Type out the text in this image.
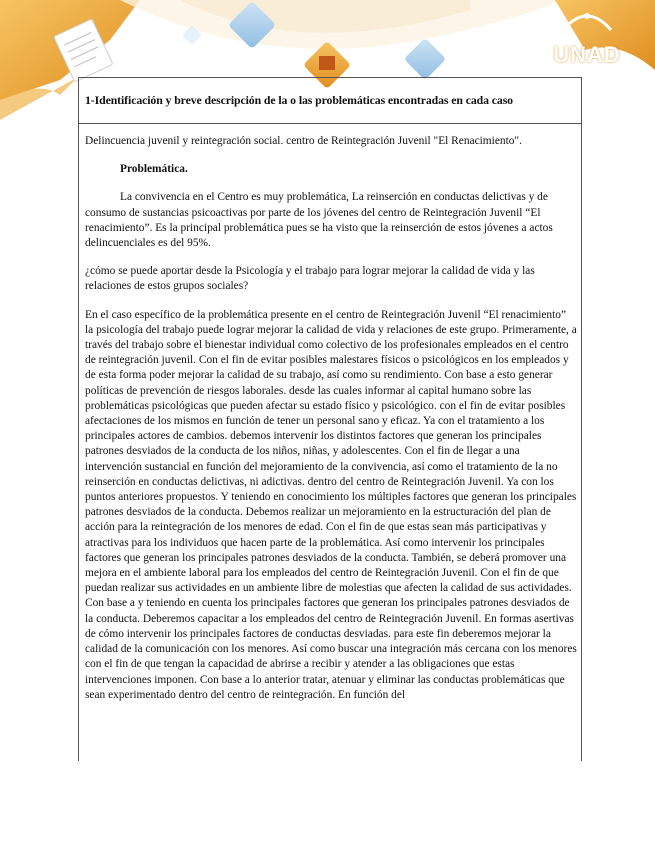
UNAD
Universidad Nacional
Abierta y a Distancia
1-Identificación y breve descripción de la o las problemáticas encontradas en cada caso

Delincuencia juvenil y reintegración social. centro de Reintegración Juvenil "El Renacimiento".

Problemática.

La convivencia en el Centro es muy problemática, La reinserción en conductas delictivas y de consumo de sustancias psicoactivas por parte de los jóvenes del centro de Reintegración Juvenil “El renacimiento”. Es la principal problemática pues se ha visto que la reinserción de estos jóvenes a actos delincuenciales es del 95%.

¿cómo se puede aportar desde la Psicología y el trabajo para lograr mejorar la calidad de vida y las relaciones de estos grupos sociales?

En el caso específico de la problemática presente en el centro de Reintegración Juvenil “El renacimiento” la psicología del trabajo puede lograr mejorar la calidad de vida y relaciones de este grupo. Primeramente, a través del trabajo sobre el bienestar individual como colectivo de los profesionales empleados en el centro de reintegración juvenil. Con el fin de evitar posibles malestares físicos o psicológicos en los empleados y de esta forma poder mejorar la calidad de su trabajo, así como su rendimiento. Con base a esto generar políticas de prevención de riesgos laborales. desde las cuales informar al capital humano sobre las problemáticas psicológicas que pueden afectar su estado físico y psicológico. con el fin de evitar posibles afectaciones de los mismos en función de tener un personal sano y eficaz. Ya con el tratamiento a los principales actores de cambios. debemos intervenir los distintos factores que generan los principales patrones desviados de la conducta de los niños, niñas, y adolescentes. Con el fin de llegar a una intervención sustancial en función del mejoramiento de la convivencia, así como el tratamiento de la no reinserción en conductas delictivas, ni adictivas. dentro del centro de Reintegración Juvenil. Ya con los puntos anteriores propuestos. Y teniendo en conocimiento los múltiples factores que generan los principales patrones desviados de la conducta. Debemos realizar un mejoramiento en la estructuración del plan de acción para la reintegración de los menores de edad. Con el fin de que estas sean más participativas y atractivas para los individuos que hacen parte de la problemática. Así como intervenir los principales factores que generan los principales patrones desviados de la conducta. También, se deberá promover una mejora en el ambiente laboral para los empleados del centro de Reintegración Juvenil. Con el fin de que puedan realizar sus actividades en un ambiente libre de molestias que afecten la calidad de sus actividades. Con base a y teniendo en cuenta los principales factores que generan los principales patrones desviados de la conducta. Deberemos capacitar a los empleados del centro de Reintegración Juvenil. En formas asertivas de cómo intervenir los principales factores de conductas desviadas. para este fin deberemos mejorar la calidad de la comunicación con los menores. Así como buscar una integración más cercana con los menores con el fin de que tengan la capacidad de abrirse a recibir y atender a las obligaciones que estas intervenciones imponen. Con base a lo anterior tratar, atenuar y eliminar las conductas problemáticas que sean experimentado dentro del centro de reintegración. En función del
